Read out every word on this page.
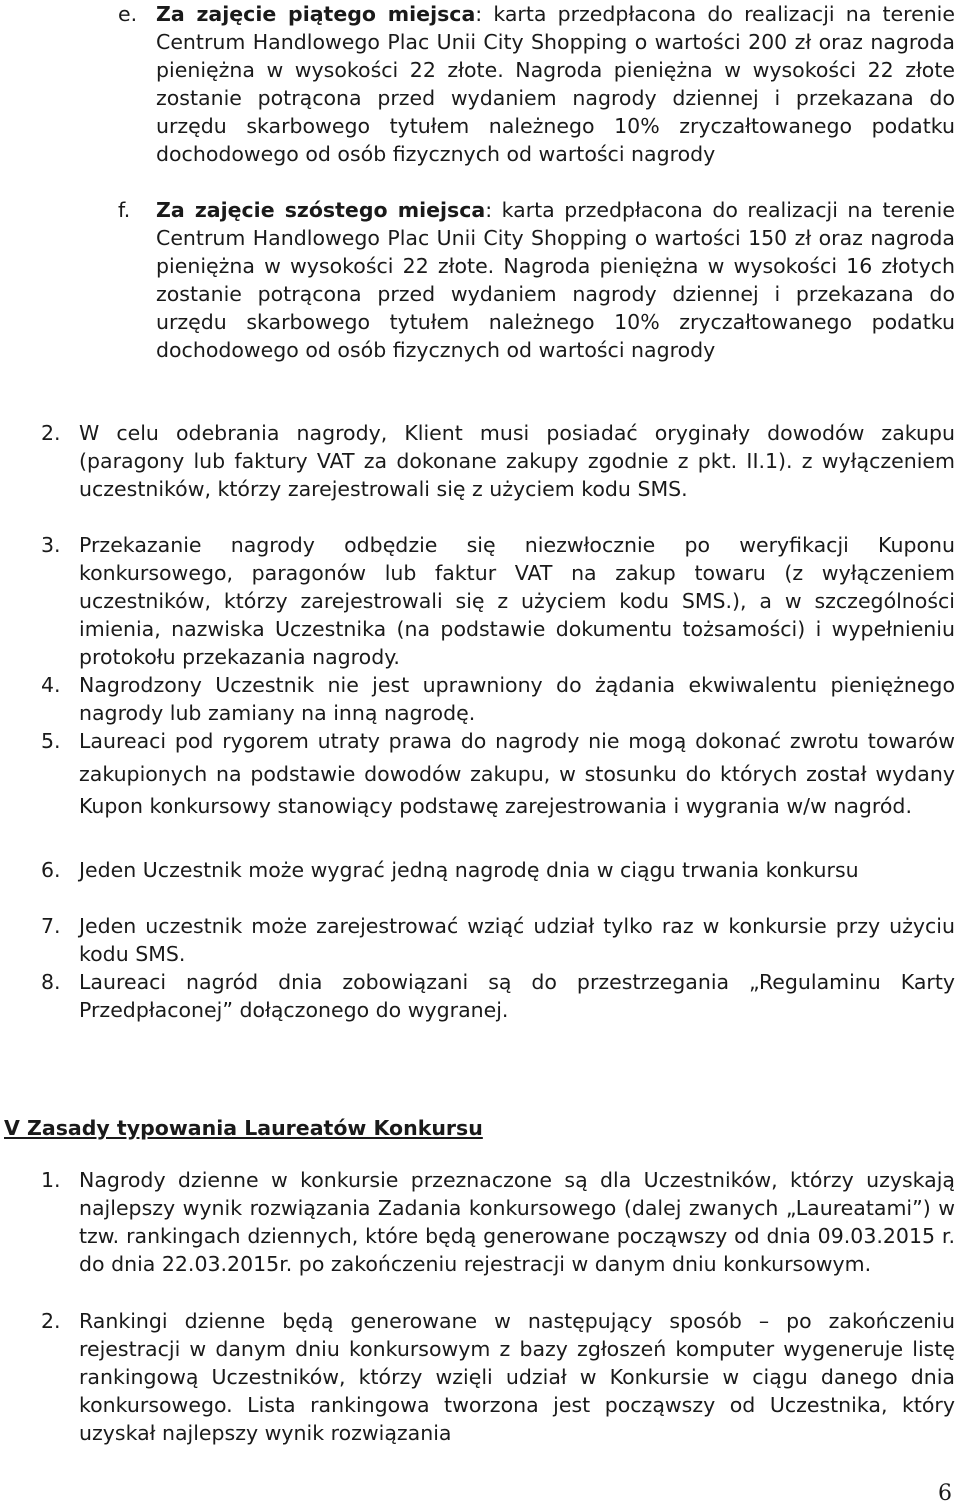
e. Za zajęcie piątego miejsca: karta przedpłacona do realizacji na terenie Centrum Handlowego Plac Unii City Shopping o wartości 200 zł oraz nagroda pieniężna w wysokości 22 złote. Nagroda pieniężna w wysokości 22 złote zostanie potrącona przed wydaniem nagrody dziennej i przekazana do urzędu skarbowego tytułem należnego 10% zryczałtowanego podatku dochodowego od osób fizycznych od wartości nagrody
f. Za zajęcie szóstego miejsca: karta przedpłacona do realizacji na terenie Centrum Handlowego Plac Unii City Shopping o wartości 150 zł oraz nagroda pieniężna w wysokości 22 złote. Nagroda pieniężna w wysokości 16 złotych zostanie potrącona przed wydaniem nagrody dziennej i przekazana do urzędu skarbowego tytułem należnego 10% zryczałtowanego podatku dochodowego od osób fizycznych od wartości nagrody
2. W celu odebrania nagrody, Klient musi posiadać oryginały dowodów zakupu (paragony lub faktury VAT za dokonane zakupy zgodnie z pkt. II.1). z wyłączeniem uczestników, którzy zarejestrowali się z użyciem kodu SMS.
3. Przekazanie nagrody odbędzie się niezwłocznie po weryfikacji Kuponu konkursowego, paragonów lub faktur VAT na zakup towaru (z wyłączeniem uczestników, którzy zarejestrowali się z użyciem kodu SMS.), a w szczególności imienia, nazwiska Uczestnika (na podstawie dokumentu tożsamości) i wypełnieniu protokołu przekazania nagrody.
4. Nagrodzony Uczestnik nie jest uprawniony do żądania ekwiwalentu pieniężnego nagrody lub zamiany na inną nagrodę.
5. Laureaci pod rygorem utraty prawa do nagrody nie mogą dokonać zwrotu towarów zakupionych na podstawie dowodów zakupu, w stosunku do których został wydany Kupon konkursowy stanowiący podstawę zarejestrowania i wygrania w/w nagród.
6. Jeden Uczestnik może wygrać jedną nagrodę dnia w ciągu trwania konkursu
7. Jeden uczestnik może zarejestrować wziąć udział tylko raz w konkursie przy użyciu kodu SMS.
8. Laureaci nagród dnia zobowiązani są do przestrzegania „Regulaminu Karty Przedpłaconej” dołączonego do wygranej.
V Zasady typowania Laureatów Konkursu
1. Nagrody dzienne w konkursie przeznaczone są dla Uczestników, którzy uzyskają najlepszy wynik rozwiązania Zadania konkursowego (dalej zwanych „Laureatami”) w tzw. rankingach dziennych, które będą generowane począwszy od dnia 09.03.2015 r. do dnia 22.03.2015r. po zakończeniu rejestracji w danym dniu konkursowym.
2. Rankingi dzienne będą generowane w następujący sposób – po zakończeniu rejestracji w danym dniu konkursowym z bazy zgłoszeń komputer wygeneruje listę rankingową Uczestników, którzy wzięli udział w Konkursie w ciągu danego dnia konkursowego. Lista rankingowa tworzona jest począwszy od Uczestnika, który uzyskał najlepszy wynik rozwiązania
6
